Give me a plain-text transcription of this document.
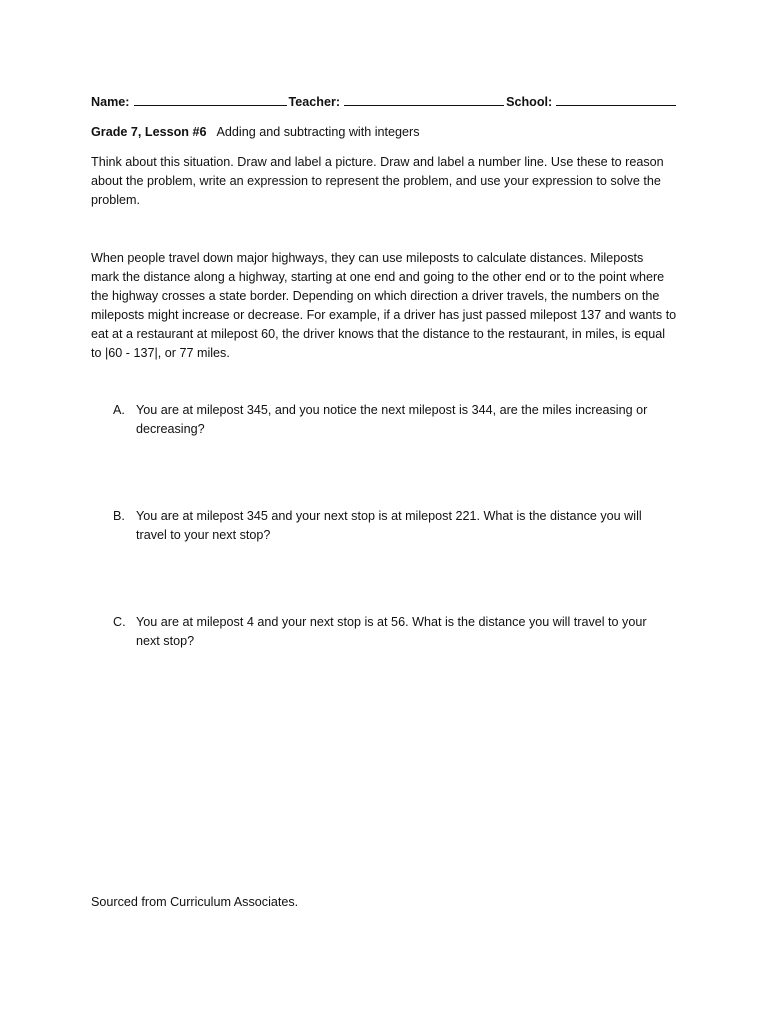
Name:	Teacher:	School:
Grade 7, Lesson #6 Adding and subtracting with integers
Think about this situation. Draw and label a picture. Draw and label a number line. Use these to reason
about the problem, write an expression to represent the problem, and use your expression to solve the
problem.
When people travel down major highways, they can use mileposts to calculate distances. Mileposts
mark the distance along a highway, starting at one end and going to the other end or to the point where
the highway crosses a state border. Depending on which direction a driver travels, the numbers on the
mileposts might increase or decrease. For example, if a driver has just passed milepost 137 and wants to
eat at a restaurant at milepost 60, the driver knows that the distance to the restaurant, in miles, is equal
to |60 - 137|, or 77 miles.
A. You are at milepost 345, and you notice the next milepost is 344, are the miles increasing or
decreasing?
B. You are at milepost 345 and your next stop is at milepost 221. What is the distance you will
travel to your next stop?
C. You are at milepost 4 and your next stop is at 56. What is the distance you will travel to your
next stop?
Sourced from Curriculum Associates.
